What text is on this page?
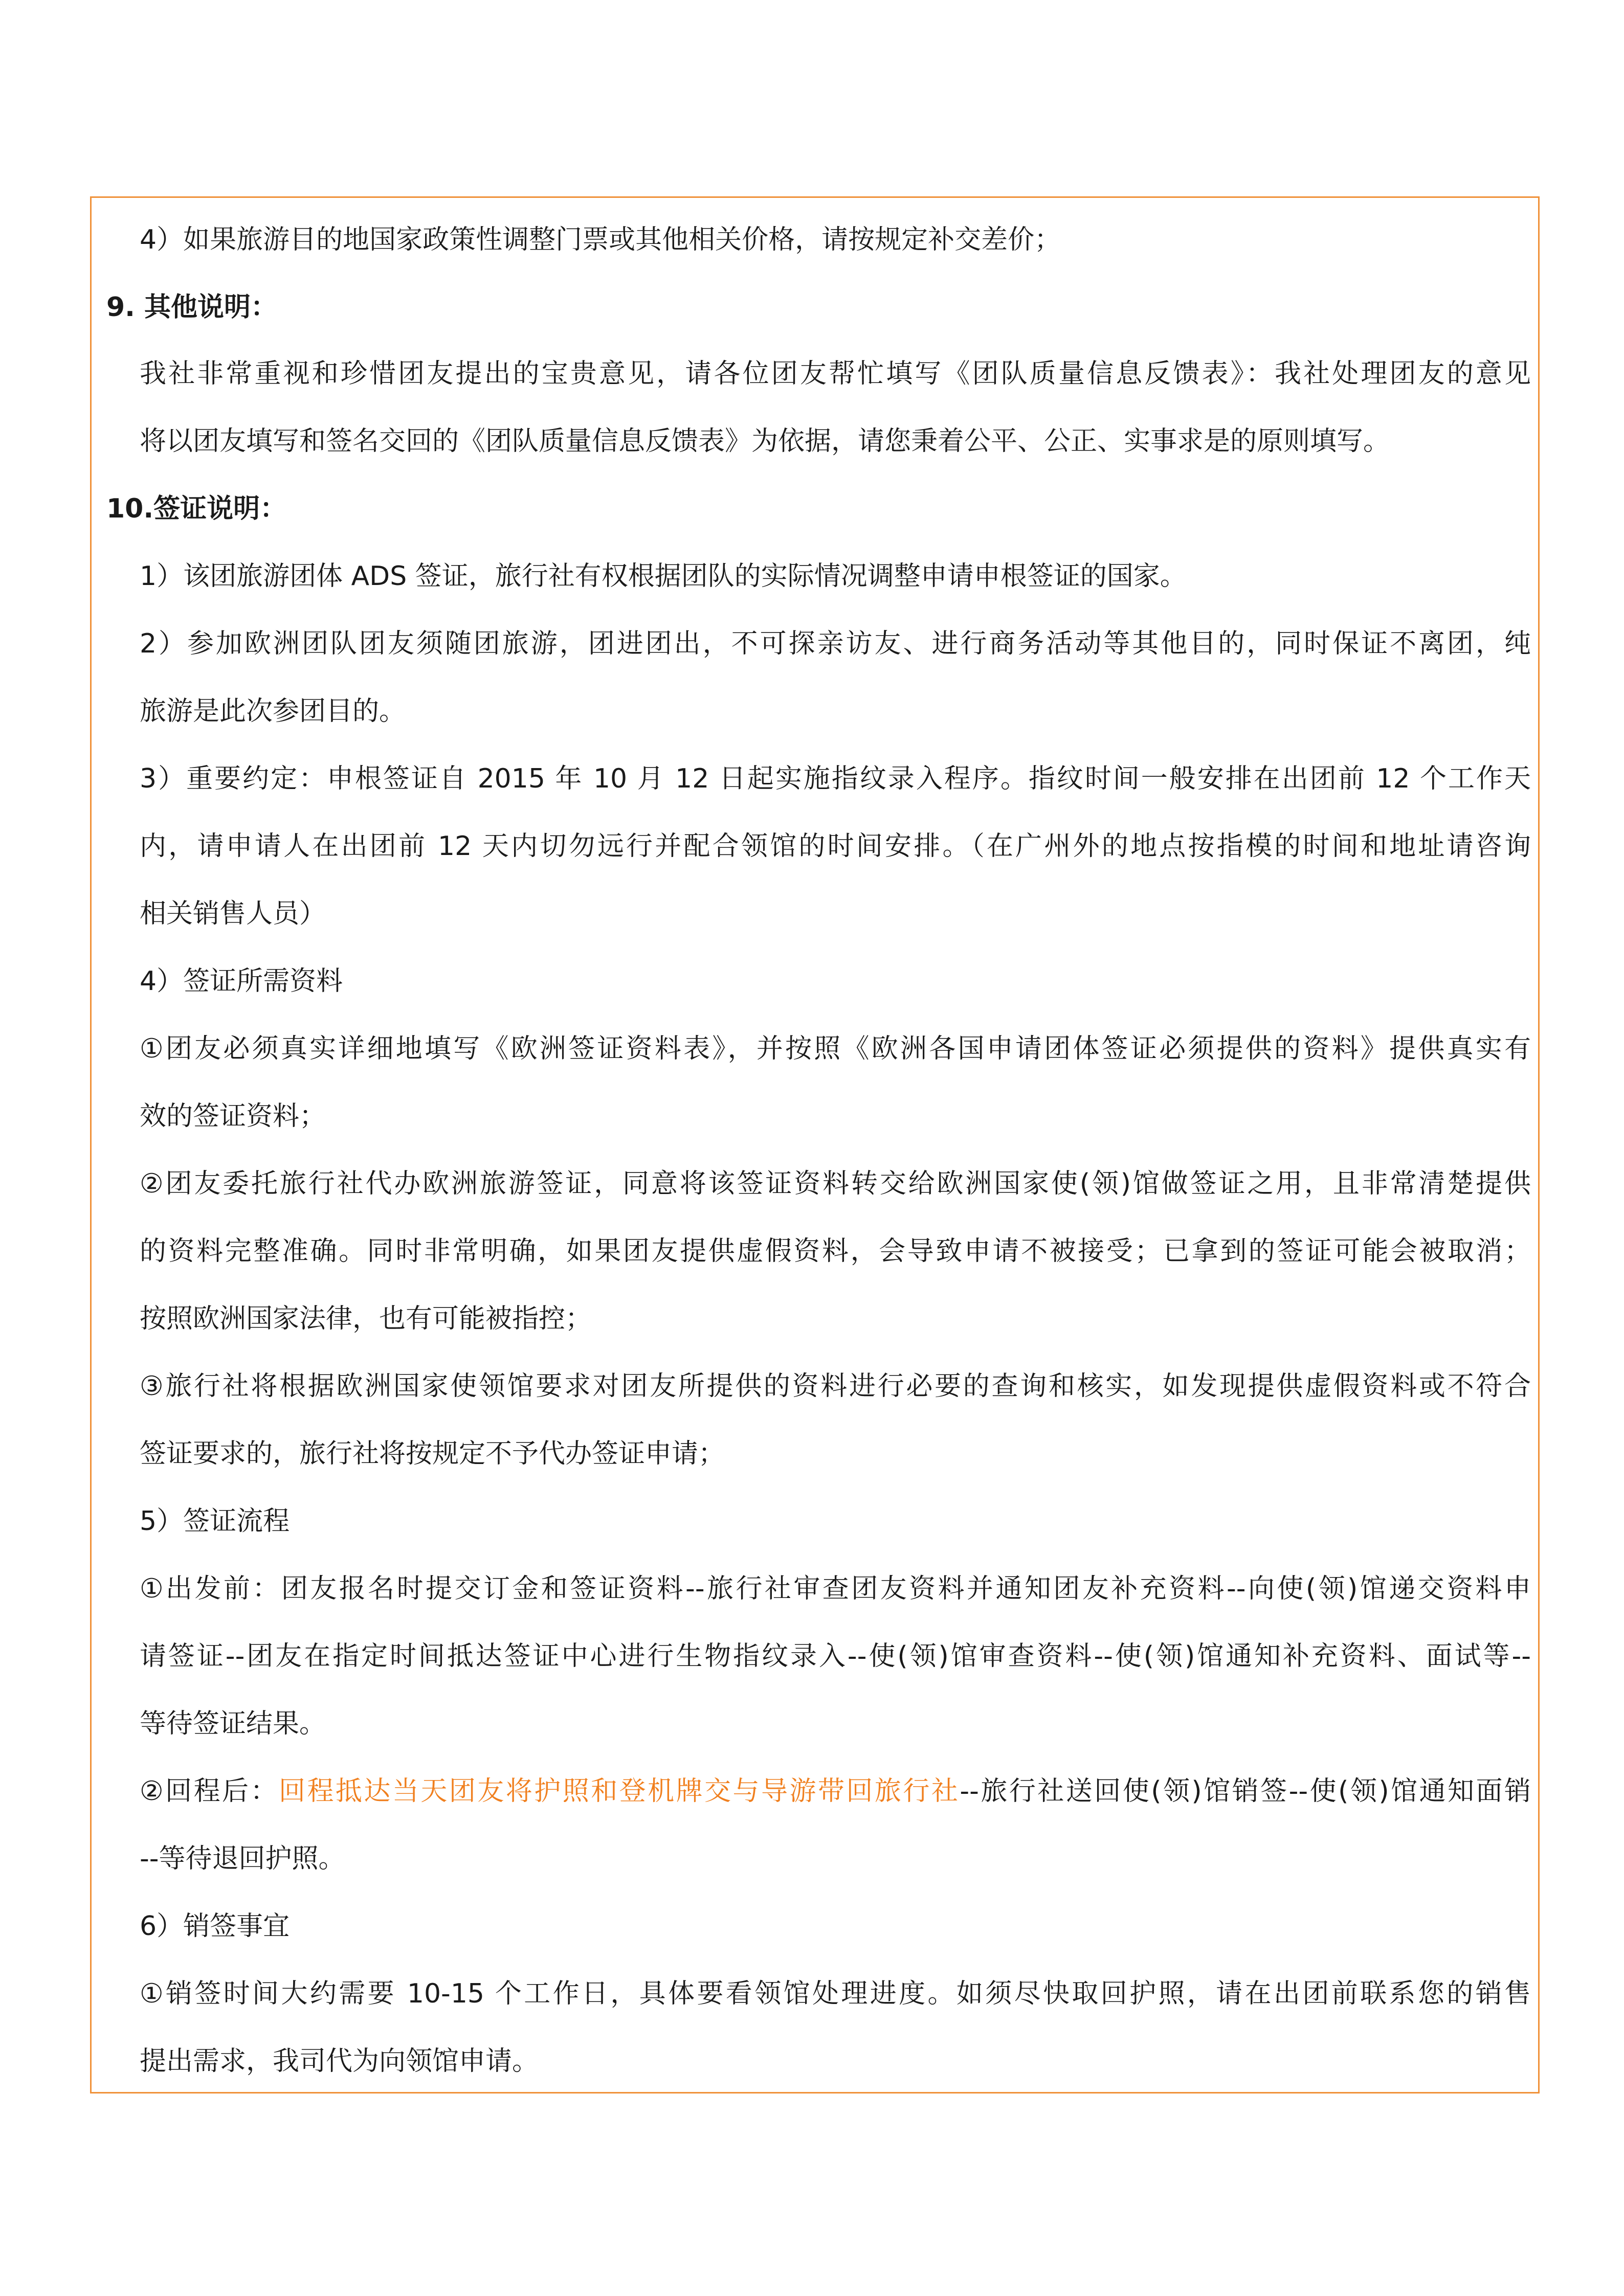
4）如果旅游目的地国家政策性调整门票或其他相关价格，请按规定补交差价；
9. 其他说明：
我社非常重视和珍惜团友提出的宝贵意见，请各位团友帮忙填写《团队质量信息反馈表》：我社处理团友的意见
将以团友填写和签名交回的《团队质量信息反馈表》为依据，请您秉着公平、公正、实事求是的原则填写。
10.签证说明：
1）该团旅游团体 ADS 签证，旅行社有权根据团队的实际情况调整申请申根签证的国家。
2）参加欧洲团队团友须随团旅游，团进团出，不可探亲访友、进行商务活动等其他目的，同时保证不离团，纯
旅游是此次参团目的。
3）重要约定：申根签证自 2015 年 10 月 12 日起实施指纹录入程序。指纹时间一般安排在出团前 12 个工作天
内，请申请人在出团前 12 天内切勿远行并配合领馆的时间安排。（在广州外的地点按指模的时间和地址请咨询
相关销售人员）
4）签证所需资料
①团友必须真实详细地填写《欧洲签证资料表》，并按照《欧洲各国申请团体签证必须提供的资料》提供真实有
效的签证资料；
②团友委托旅行社代办欧洲旅游签证，同意将该签证资料转交给欧洲国家使(领)馆做签证之用，且非常清楚提供
的资料完整准确。同时非常明确，如果团友提供虚假资料，会导致申请不被接受；已拿到的签证可能会被取消；
按照欧洲国家法律，也有可能被指控；
③旅行社将根据欧洲国家使领馆要求对团友所提供的资料进行必要的查询和核实，如发现提供虚假资料或不符合
签证要求的，旅行社将按规定不予代办签证申请；
5）签证流程
①出发前：团友报名时提交订金和签证资料--旅行社审查团友资料并通知团友补充资料--向使(领)馆递交资料申
请签证--团友在指定时间抵达签证中心进行生物指纹录入--使(领)馆审查资料--使(领)馆通知补充资料、面试等--
等待签证结果。
②回程后：回程抵达当天团友将护照和登机牌交与导游带回旅行社--旅行社送回使(领)馆销签--使(领)馆通知面销
--等待退回护照。
6）销签事宜
①销签时间大约需要 10-15 个工作日，具体要看领馆处理进度。如须尽快取回护照，请在出团前联系您的销售
提出需求，我司代为向领馆申请。
